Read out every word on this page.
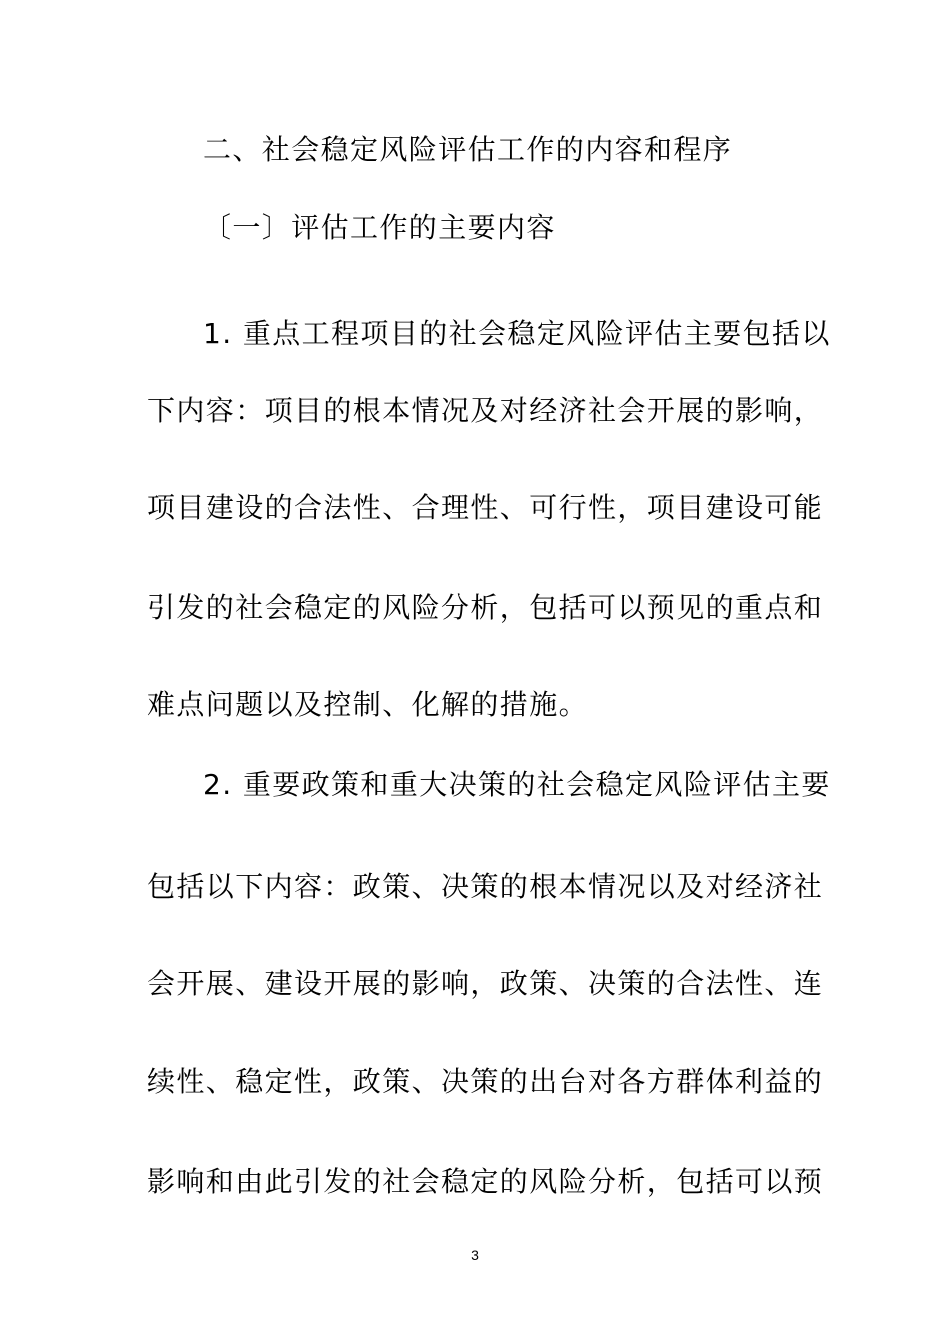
二、社会稳定风险评估工作的内容和程序
〔一〕评估工作的主要内容
1. 重点工程项目的社会稳定风险评估主要包括以
下内容：项目的根本情况及对经济社会开展的影响，
项目建设的合法性、合理性、可行性，项目建设可能
引发的社会稳定的风险分析，包括可以预见的重点和
难点问题以及控制、化解的措施。
2. 重要政策和重大决策的社会稳定风险评估主要
包括以下内容：政策、决策的根本情况以及对经济社
会开展、建设开展的影响，政策、决策的合法性、连
续性、稳定性，政策、决策的出台对各方群体利益的
影响和由此引发的社会稳定的风险分析，包括可以预
3
